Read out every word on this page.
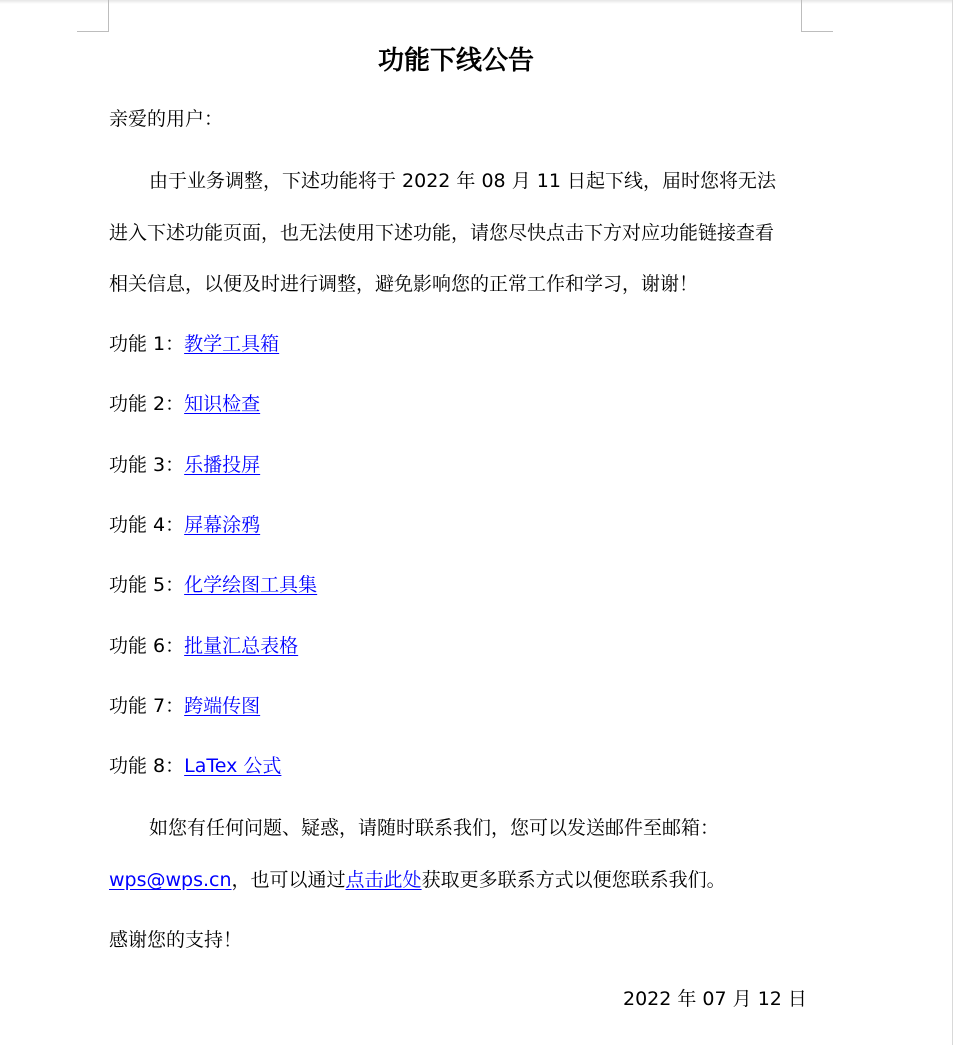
功能下线公告
亲爱的用户：
由于业务调整，下述功能将于 2022 年 08 月 11 日起下线，届时您将无法
进入下述功能页面，也无法使用下述功能，请您尽快点击下方对应功能链接查看
相关信息，以便及时进行调整，避免影响您的正常工作和学习，谢谢！
功能 1：教学工具箱
功能 2：知识检查
功能 3：乐播投屏
功能 4：屏幕涂鸦
功能 5：化学绘图工具集
功能 6：批量汇总表格
功能 7：跨端传图
功能 8：LaTex 公式
如您有任何问题、疑惑，请随时联系我们，您可以发送邮件至邮箱：
wps@wps.cn，也可以通过点击此处获取更多联系方式以便您联系我们。
感谢您的支持！
2022 年 07 月 12 日
